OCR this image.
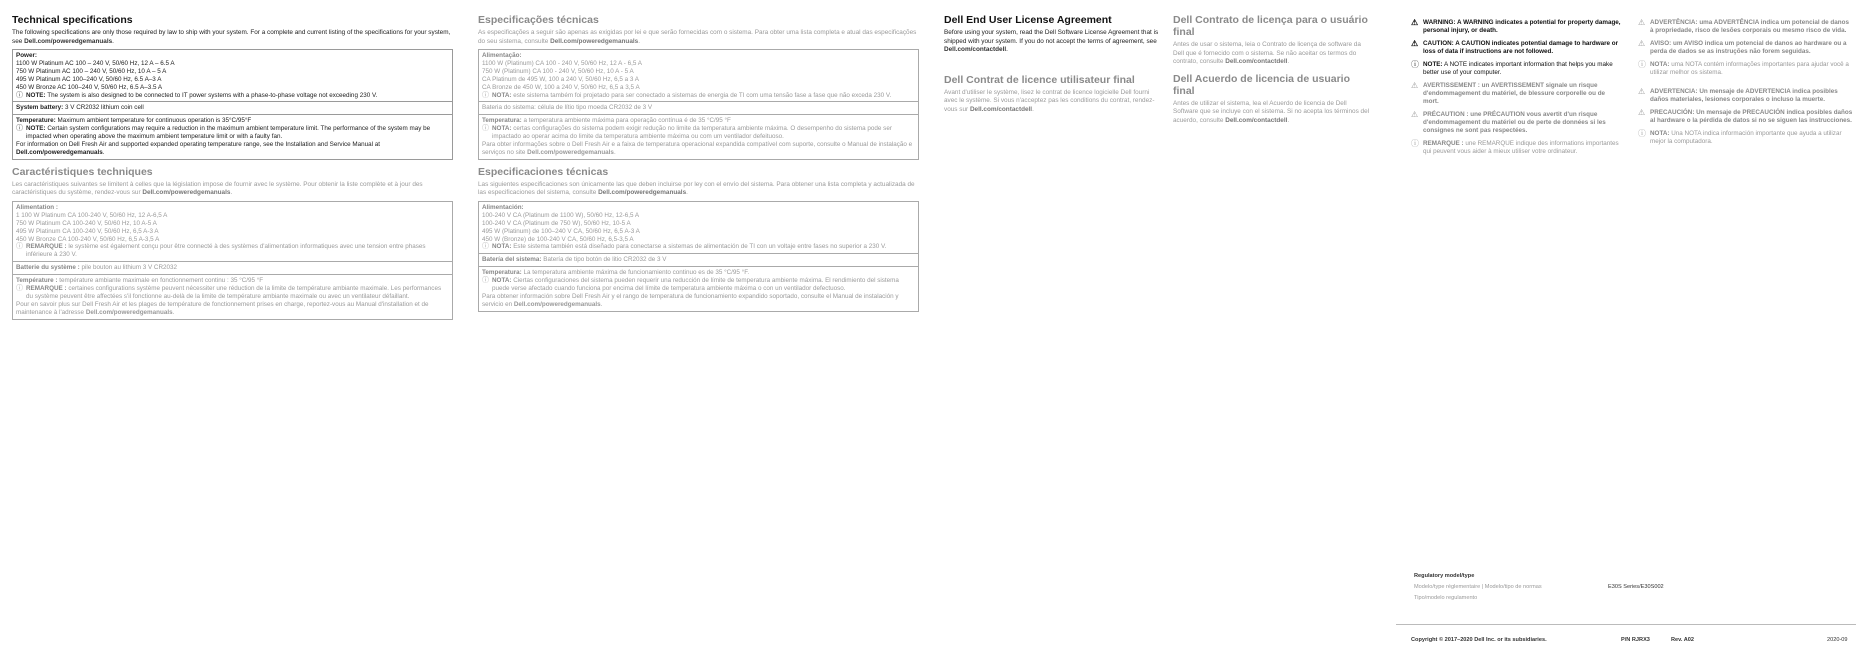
Technical specifications
The following specifications are only those required by law to ship with your system. For a complete and current listing of the specifications for your system, see Dell.com/poweredgemanuals.
Power:
1100 W Platinum AC 100 – 240 V, 50/60 Hz, 12 A – 6.5 A
750 W Platinum AC 100 – 240 V, 50/60 Hz, 10 A – 5 A
495 W Platinum AC 100–240 V, 50/60 Hz, 6.5 A–3 A
450 W Bronze AC 100–240 V, 50/60 Hz, 6.5 A–3.5 A
ⓘ NOTE: The system is also designed to be connected to IT power systems with a phase-to-phase voltage not exceeding 230 V.

System battery: 3 V CR2032 lithium coin cell

Temperature: Maximum ambient temperature for continuous operation is 35°C/95°F
ⓘ NOTE: Certain system configurations may require a reduction in the maximum ambient temperature limit. The performance of the system may be impacted when operating above the maximum ambient temperature limit or with a faulty fan.
For information on Dell Fresh Air and supported expanded operating temperature range, see the Installation and Service Manual at Dell.com/poweredgemanuals.
Caractéristiques techniques
Les caractéristiques suivantes se limitent à celles que la législation impose de fournir avec le système. Pour obtenir la liste complète et à jour des caractéristiques du système, rendez-vous sur Dell.com/poweredgemanuals.
Alimentation :
1 100 W Platinum CA 100-240 V, 50/60 Hz, 12 A-6,5 A
750 W Platinum CA 100-240 V, 50/60 Hz, 10 A-5 A
495 W Platinum CA 100-240 V, 50/60 Hz, 6,5 A-3 A
450 W Bronze CA 100-240 V, 50/60 Hz, 6,5 A-3,5 A
ⓘ REMARQUE : le système est également conçu pour être connecté à des systèmes d'alimentation informatiques avec une tension entre phases inférieure à 230 V.

Batterie du système : pile bouton au lithium 3 V CR2032

Température : température ambiante maximale en fonctionnement continu : 35 °C/95 °F
ⓘ REMARQUE : certaines configurations système peuvent nécessiter une réduction de la limite de température ambiante maximale. Les performances du système peuvent être affectées s'il fonctionne au-delà de la limite de température ambiante maximale ou avec un ventilateur défaillant.
Pour en savoir plus sur Dell Fresh Air et les plages de température de fonctionnement prises en charge, reportez-vous au Manual d'installation et de maintenance à l'adresse Dell.com/poweredgemanuals.
Especificações técnicas
As especificações a seguir são apenas as exigidas por lei e que serão fornecidas com o sistema. Para obter uma lista completa e atual das especificações do seu sistema, consulte Dell.com/poweredgemanuals.
Alimentação:
1100 W (Platinum) CA 100 - 240 V, 50/60 Hz, 12 A - 6,5 A
750 W (Platinum) CA 100 - 240 V, 50/60 Hz, 10 A - 5 A
CA Platinum de 495 W, 100 a 240 V, 50/60 Hz, 6,5 a 3 A
CA Bronze de 450 W, 100 a 240 V, 50/60 Hz, 6,5 a 3,5 A
ⓘ NOTA: este sistema também foi projetado para ser conectado a sistemas de energia de TI com uma tensão fase a fase que não exceda 230 V.

Bateria do sistema: célula de lítio tipo moeda CR2032 de 3 V

Temperatura: a temperatura ambiente máxima para operação contínua é de 35 °C/95 °F
ⓘ NOTA: certas configurações do sistema podem exigir redução no limite da temperatura ambiente máxima. O desempenho do sistema pode ser impactado ao operar acima do limite da temperatura ambiente máxima ou com um ventilador defeituoso.
Para obter informações sobre o Dell Fresh Air e a faixa de temperatura operacional expandida compatível com suporte, consulte o Manual de instalação e serviços no site Dell.com/poweredgemanuals.
Especificaciones técnicas
Las siguientes especificaciones son únicamente las que deben incluirse por ley con el envío del sistema. Para obtener una lista completa y actualizada de las especificaciones del sistema, consulte Dell.com/poweredgemanuals.
Alimentación:
100-240 V CA (Platinum de 1100 W), 50/60 Hz, 12-6,5 A
100-240 V CA (Platinum de 750 W), 50/60 Hz, 10-5 A
495 W (Platinum) de 100–240 V CA, 50/60 Hz, 6,5 A-3 A
450 W (Bronze) de 100-240 V CA, 50/60 Hz, 6,5-3,5 A
ⓘ NOTA: Este sistema también está diseñado para conectarse a sistemas de alimentación de TI con un voltaje entre fases no superior a 230 V.

Batería del sistema: Batería de tipo botón de litio CR2032 de 3 V

Temperatura: La temperatura ambiente máxima de funcionamiento continuo es de 35 °C/95 °F.
ⓘ NOTA: Ciertas configuraciones del sistema pueden requerir una reducción de límite de temperatura ambiente máxima. El rendimiento del sistema puede verse afectado cuando funciona por encima del límite de temperatura ambiente máxima o con un ventilador defectuoso.
Para obtener información sobre Dell Fresh Air y el rango de temperatura de funcionamiento expandido soportado, consulte el Manual de instalación y servicio en Dell.com/poweredgemanuals.
Dell End User License Agreement
Before using your system, read the Dell Software License Agreement that is shipped with your system. If you do not accept the terms of agreement, see Dell.com/contactdell.
Dell Contrat de licence utilisateur final
Avant d'utiliser le système, lisez le contrat de licence logicielle Dell fourni avec le système. Si vous n'acceptez pas les conditions du contrat, rendez-vous sur Dell.com/contactdell.
Dell Contrato de licença para o usuário final
Antes de usar o sistema, leia o Contrato de licença de software da Dell que é fornecido com o sistema. Se não aceitar os termos do contrato, consulte Dell.com/contactdell.
Dell Acuerdo de licencia de usuario final
Antes de utilizar el sistema, lea el Acuerdo de licencia de Dell Software que se incluye con el sistema. Si no acepta los términos del acuerdo, consulte Dell.com/contactdell.
⚠ WARNING: A WARNING indicates a potential for property damage, personal injury, or death.
⚠ CAUTION: A CAUTION indicates potential damage to hardware or loss of data if instructions are not followed.
ⓘ NOTE: A NOTE indicates important information that helps you make better use of your computer.
⚠ AVERTISSEMENT : un AVERTISSEMENT signale un risque d'endommagement du matériel, de blessure corporelle ou de mort.
⚠ PRÉCAUTION : une PRÉCAUTION vous avertit d'un risque d'endommagement du matériel ou de perte de données si les consignes ne sont pas respectées.
ⓘ REMARQUE : une REMARQUE indique des informations importantes qui peuvent vous aider à mieux utiliser votre ordinateur.
⚠ ADVERTÊNCIA: uma ADVERTÊNCIA indica um potencial de danos à propriedade, risco de lesões corporais ou mesmo risco de vida.
⚠ AVISO: um AVISO indica um potencial de danos ao hardware ou a perda de dados se as instruções não forem seguidas.
ⓘ NOTA: uma NOTA contém informações importantes para ajudar você a utilizar melhor os sistema.
⚠ ADVERTENCIA: Un mensaje de ADVERTENCIA indica posibles daños materiales, lesiones corporales o incluso la muerte.
⚠ PRECAUCIÓN: Un mensaje de PRECAUCIÓN indica posibles daños al hardware o la pérdida de datos si no se siguen las instrucciones.
ⓘ NOTA: Una NOTA indica información importante que ayuda a utilizar mejor la computadora.
Regulatory model/type
Modelo/type réglementaire | Modelo/tipo de normas
Tipo/modelo regulamento
E30S Series/E30S002
Copyright © 2017–2020 Dell Inc. or its subsidiaries.	P/N RJRX3	Rev. A02	2020-09
